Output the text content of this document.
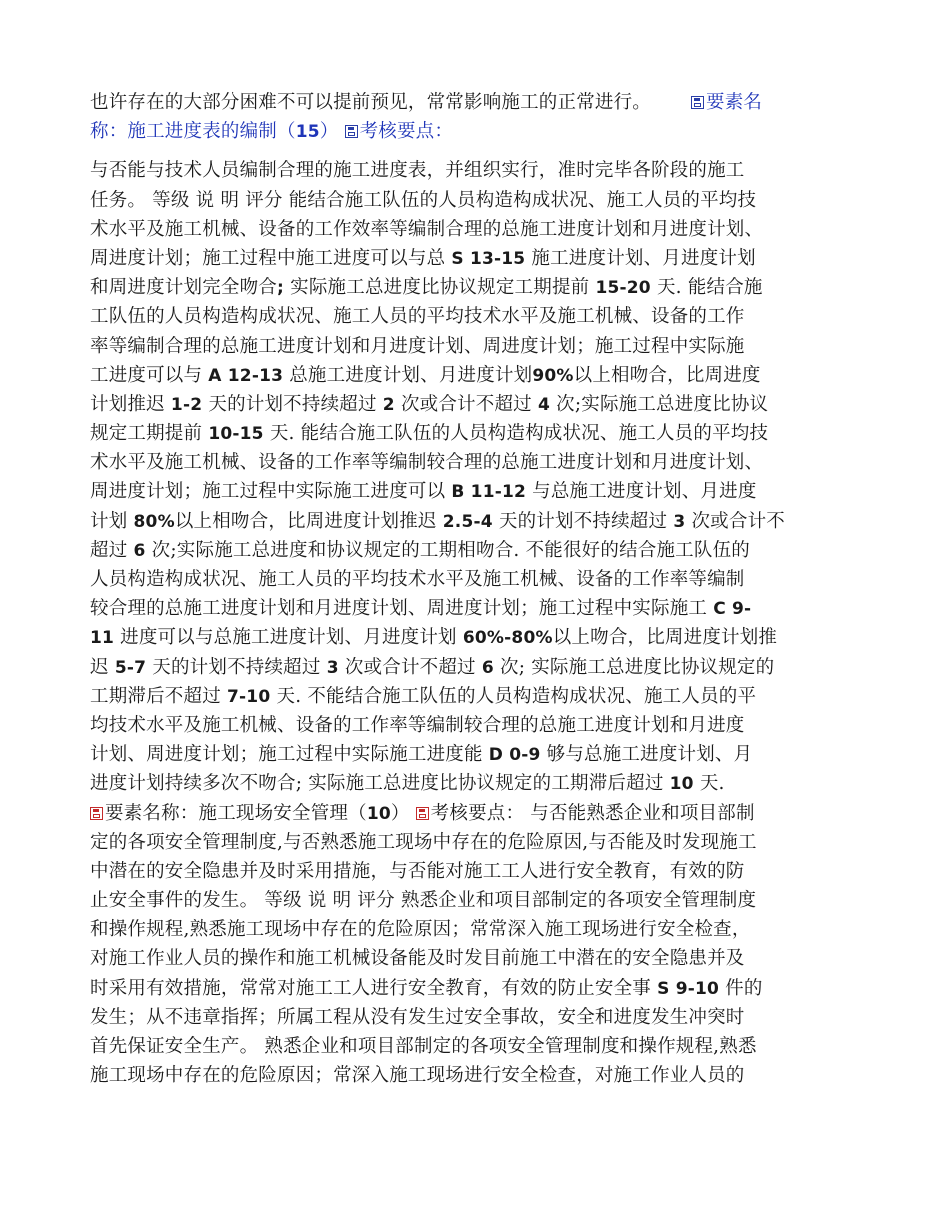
也许存在的大部分困难不可以提前预见，常常影响施工的正常进行。	要素名
称：施工进度表的编制（15） 考核要点：
与否能与技术人员编制合理的施工进度表，并组织实行，准时完毕各阶段的施工
任务。 等级 说 明 评分 能结合施工队伍的人员构造构成状况、施工人员的平均技
术水平及施工机械、设备的工作效率等编制合理的总施工进度计划和月进度计划、
周进度计划；施工过程中施工进度可以与总 S 13-15 施工进度计划、月进度计划
和周进度计划完全吻合; 实际施工总进度比协议规定工期提前 15-20 天. 能结合施
工队伍的人员构造构成状况、施工人员的平均技术水平及施工机械、设备的工作
率等编制合理的总施工进度计划和月进度计划、周进度计划；施工过程中实际施
工进度可以与 A 12-13 总施工进度计划、月进度计划90%以上相吻合，比周进度
计划推迟 1-2 天的计划不持续超过 2 次或合计不超过 4 次;实际施工总进度比协议
规定工期提前 10-15 天. 能结合施工队伍的人员构造构成状况、施工人员的平均技
术水平及施工机械、设备的工作率等编制较合理的总施工进度计划和月进度计划、
周进度计划；施工过程中实际施工进度可以 B 11-12 与总施工进度计划、月进度
计划 80%以上相吻合，比周进度计划推迟 2.5-4 天的计划不持续超过 3 次或合计不
超过 6 次;实际施工总进度和协议规定的工期相吻合. 不能很好的结合施工队伍的
人员构造构成状况、施工人员的平均技术水平及施工机械、设备的工作率等编制
较合理的总施工进度计划和月进度计划、周进度计划；施工过程中实际施工 C 9-
11 进度可以与总施工进度计划、月进度计划 60%-80%以上吻合，比周进度计划推
迟 5-7 天的计划不持续超过 3 次或合计不超过 6 次; 实际施工总进度比协议规定的
工期滞后不超过 7-10 天. 不能结合施工队伍的人员构造构成状况、施工人员的平
均技术水平及施工机械、设备的工作率等编制较合理的总施工进度计划和月进度
计划、周进度计划；施工过程中实际施工进度能 D 0-9 够与总施工进度计划、月
进度计划持续多次不吻合; 实际施工总进度比协议规定的工期滞后超过 10 天.
要素名称：施工现场安全管理（10） 考核要点： 与否能熟悉企业和项目部制
定的各项安全管理制度,与否熟悉施工现场中存在的危险原因,与否能及时发现施工
中潜在的安全隐患并及时采用措施，与否能对施工工人进行安全教育，有效的防
止安全事件的发生。 等级 说 明 评分 熟悉企业和项目部制定的各项安全管理制度
和操作规程,熟悉施工现场中存在的危险原因；常常深入施工现场进行安全检查，
对施工作业人员的操作和施工机械设备能及时发目前施工中潜在的安全隐患并及
时采用有效措施，常常对施工工人进行安全教育，有效的防止安全事 S 9-10 件的
发生；从不违章指挥；所属工程从没有发生过安全事故，安全和进度发生冲突时
首先保证安全生产。 熟悉企业和项目部制定的各项安全管理制度和操作规程,熟悉
施工现场中存在的危险原因；常深入施工现场进行安全检查，对施工作业人员的
